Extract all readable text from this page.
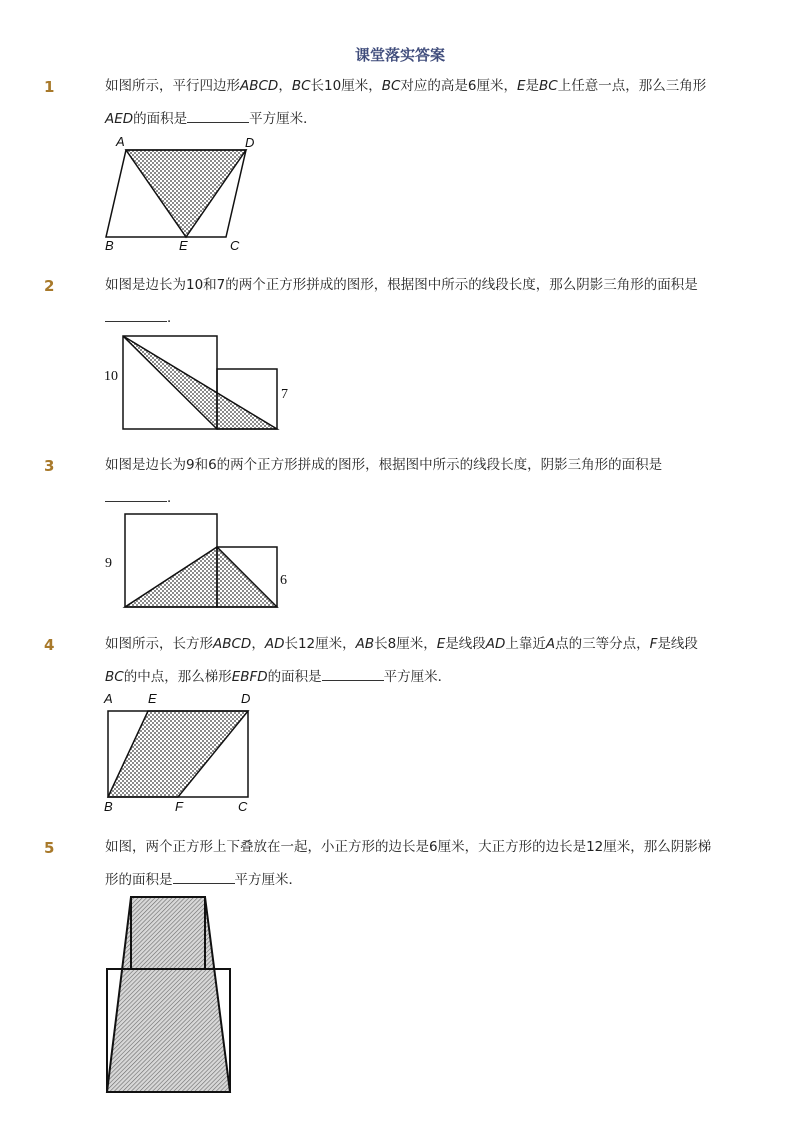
课堂落实答案
1	如图所示，平行四边形ABCD，BC长10厘米，BC对应的高是6厘米，E是BC上任意一点，那么三角形AED的面积是	平方厘米．
A	D
B	E	C
2	如图是边长为10和7的两个正方形拼成的图形，根据图中所示的线段长度，那么阴影三角形的面积是．
10
7
3	如图是边长为9和6的两个正方形拼成的图形，根据图中所示的线段长度，阴影三角形的面积是．
9
6
4	如图所示，长方形ABCD，AD长12厘米，AB长8厘米，E是线段AD上靠近A点的三等分点，F是线段BC的中点，那么梯形EBFD的面积是	平方厘米．
A	E	D
B	F	C
5	如图，两个正方形上下叠放在一起，小正方形的边长是6厘米，大正方形的边长是12厘米，那么阴影梯形的面积是	平方厘米．
